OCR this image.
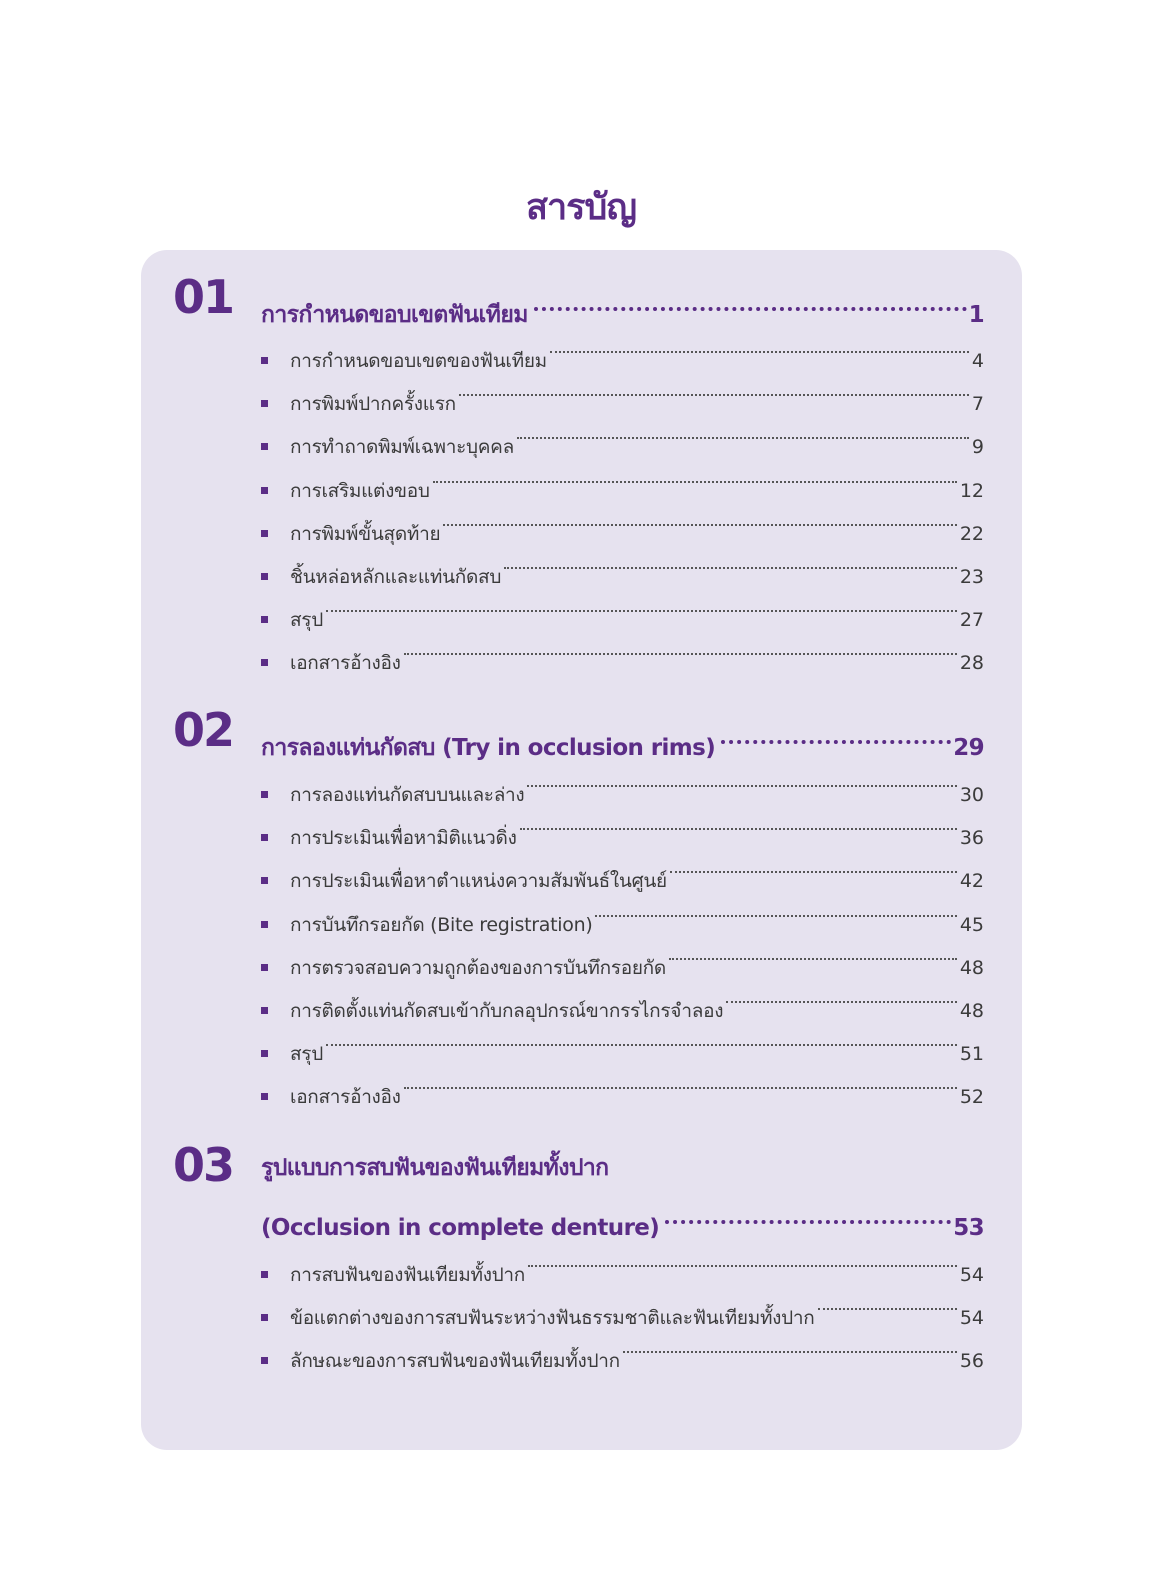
สารบัญ
01 การกำหนดขอบเขตฟันเทียม	1
การกำหนดขอบเขตของฟันเทียม	4
การพิมพ์ปากครั้งแรก	7
การทำถาดพิมพ์เฉพาะบุคคล	9
การเสริมแต่งขอบ	12
การพิมพ์ขั้นสุดท้าย	22
ชิ้นหล่อหลักและแท่นกัดสบ	23
สรุป	27
เอกสารอ้างอิง	28
02 การลองแท่นกัดสบ (Try in occlusion rims)	29
การลองแท่นกัดสบบนและล่าง	30
การประเมินเพื่อหามิติแนวดิ่ง	36
การประเมินเพื่อหาตำแหน่งความสัมพันธ์ในศูนย์	42
การบันทึกรอยกัด (Bite registration)	45
การตรวจสอบความถูกต้องของการบันทึกรอยกัด	48
การติดตั้งแท่นกัดสบเข้ากับกลอุปกรณ์ขากรรไกรจำลอง	48
สรุป	51
เอกสารอ้างอิง	52
03 รูปแบบการสบฟันของฟันเทียมทั้งปาก
(Occlusion in complete denture)	53
การสบฟันของฟันเทียมทั้งปาก	54
ข้อแตกต่างของการสบฟันระหว่างฟันธรรมชาติและฟันเทียมทั้งปาก	54
ลักษณะของการสบฟันของฟันเทียมทั้งปาก	56
